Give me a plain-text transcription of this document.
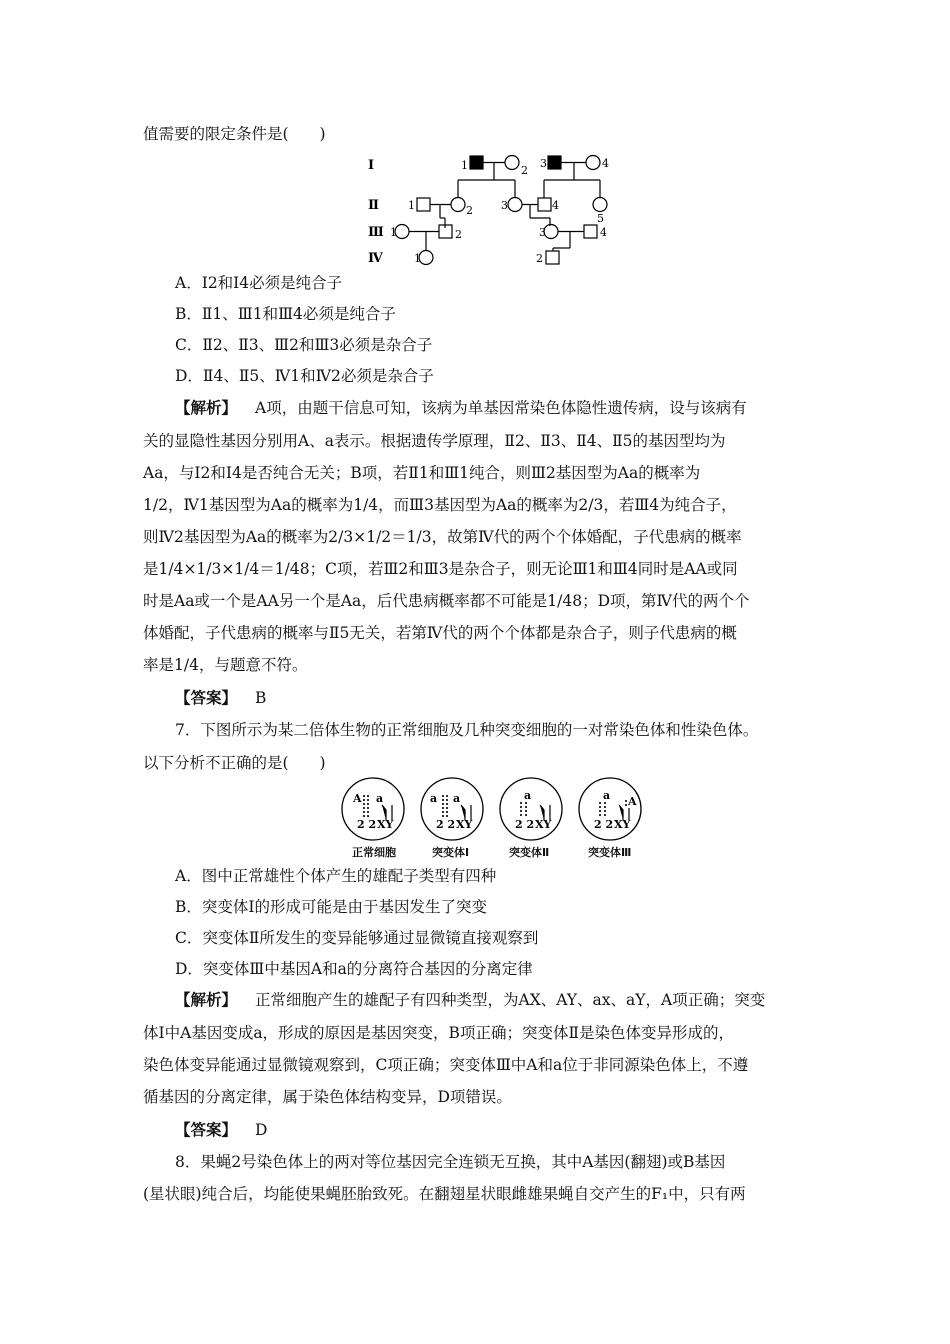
值需要的限定条件是(　　)
Ⅰ
Ⅱ
Ⅲ
Ⅳ
1	2
3	4
1	2	3	4
5
1	2	3	4
1	2
A．Ⅰ2和Ⅰ4必须是纯合子
B．Ⅱ1、Ⅲ1和Ⅲ4必须是纯合子
C．Ⅱ2、Ⅱ3、Ⅲ2和Ⅲ3必须是杂合子
D．Ⅱ4、Ⅱ5、Ⅳ1和Ⅳ2必须是杂合子
【解析】 A项，由题干信息可知，该病为单基因常染色体隐性遗传病，设与该病有
关的显隐性基因分别用A、a表示。根据遗传学原理，Ⅱ2、Ⅱ3、Ⅱ4、Ⅱ5的基因型均为
Aa，与Ⅰ2和Ⅰ4是否纯合无关；B项，若Ⅱ1和Ⅲ1纯合，则Ⅲ2基因型为Aa的概率为
1/2，Ⅳ1基因型为Aa的概率为1/4，而Ⅲ3基因型为Aa的概率为2/3，若Ⅲ4为纯合子，
则Ⅳ2基因型为Aa的概率为2/3×1/2＝1/3，故第Ⅳ代的两个个体婚配，子代患病的概率
是1/4×1/3×1/4＝1/48；C项，若Ⅲ2和Ⅲ3是杂合子，则无论Ⅲ1和Ⅲ4同时是AA或同
时是Aa或一个是AA另一个是Aa，后代患病概率都不可能是1/48；D项，第Ⅳ代的两个个
体婚配，子代患病的概率与Ⅱ5无关，若第Ⅳ代的两个个体都是杂合子，则子代患病的概
率是1/4，与题意不符。
【答案】 B
7．下图所示为某二倍体生物的正常细胞及几种突变细胞的一对常染色体和性染色体。
以下分析不正确的是(　　)
A a
2 2 XY
a a
2 2 XY
a
2 2 XY
a A
2 2 XY
正常细胞	突变体Ⅰ	突变体Ⅱ	突变体Ⅲ
A．图中正常雄性个体产生的雄配子类型有四种
B．突变体Ⅰ的形成可能是由于基因发生了突变
C．突变体Ⅱ所发生的变异能够通过显微镜直接观察到
D．突变体Ⅲ中基因A和a的分离符合基因的分离定律
【解析】 正常细胞产生的雄配子有四种类型，为AX、AY、ax、aY，A项正确；突变
体Ⅰ中A基因变成a，形成的原因是基因突变，B项正确；突变体Ⅱ是染色体变异形成的，
染色体变异能通过显微镜观察到，C项正确；突变体Ⅲ中A和a位于非同源染色体上，不遵
循基因的分离定律，属于染色体结构变异，D项错误。
【答案】 D
8．果蝇2号染色体上的两对等位基因完全连锁无互换，其中A基因(翻翅)或B基因
(星状眼)纯合后，均能使果蝇胚胎致死。在翻翅星状眼雌雄果蝇自交产生的F₁中，只有两
